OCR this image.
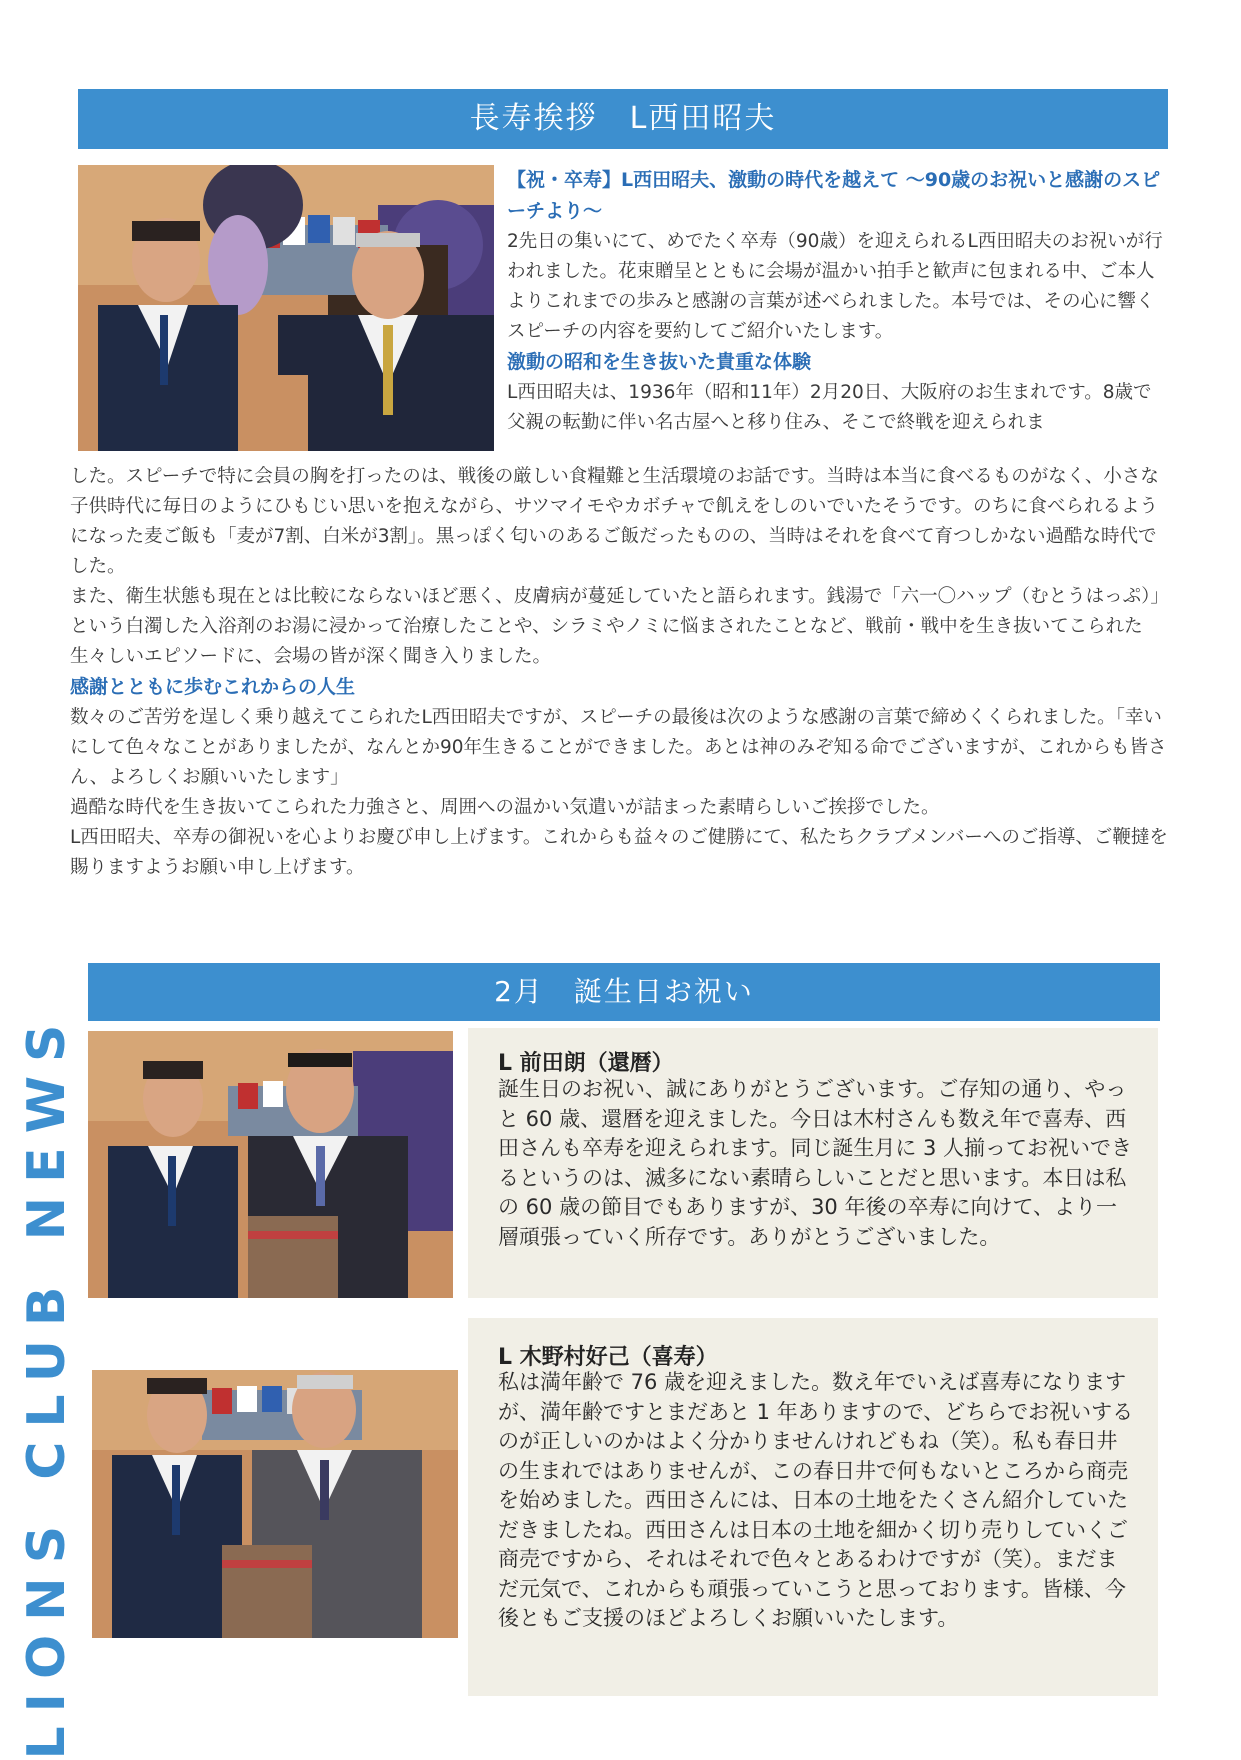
長寿挨拶　L西田昭夫

【祝・卒寿】L西田昭夫、激動の時代を越えて ～90歳のお祝いと感謝のスピーチより～

2先日の集いにて、めでたく卒寿（90歳）を迎えられるL西田昭夫のお祝いが行われました。花束贈呈とともに会場が温かい拍手と歓声に包まれる中、ご本人よりこれまでの歩みと感謝の言葉が述べられました。本号では、その心に響くスピーチの内容を要約してご紹介いたします。

激動の昭和を生き抜いた貴重な体験

L西田昭夫は、1936年（昭和11年）2月20日、大阪府のお生まれです。8歳で父親の転勤に伴い名古屋へと移り住み、そこで終戦を迎えられま

した。スピーチで特に会員の胸を打ったのは、戦後の厳しい食糧難と生活環境のお話です。当時は本当に食べるものがなく、小さな子供時代に毎日のようにひもじい思いを抱えながら、サツマイモやカボチャで飢えをしのいでいたそうです。のちに食べられるようになった麦ご飯も「麦が7割、白米が3割」。黒っぽく匂いのあるご飯だったものの、当時はそれを食べて育つしかない過酷な時代でした。

また、衛生状態も現在とは比較にならないほど悪く、皮膚病が蔓延していたと語られます。銭湯で「六一〇ハップ（むとうはっぷ）」という白濁した入浴剤のお湯に浸かって治療したことや、シラミやノミに悩まされたことなど、戦前・戦中を生き抜いてこられた生々しいエピソードに、会場の皆が深く聞き入りました。

感謝とともに歩むこれからの人生

数々のご苦労を逞しく乗り越えてこられたL西田昭夫ですが、スピーチの最後は次のような感謝の言葉で締めくくられました。「幸いにして色々なことがありましたが、なんとか90年生きることができました。あとは神のみぞ知る命でございますが、これからも皆さん、よろしくお願いいたします」

過酷な時代を生き抜いてこられた力強さと、周囲への温かい気遣いが詰まった素晴らしいご挨拶でした。

L西田昭夫、卒寿の御祝いを心よりお慶び申し上げます。これからも益々のご健勝にて、私たちクラブメンバーへのご指導、ご鞭撻を賜りますようお願い申し上げます。

2月　誕生日お祝い
L 前田朗（還暦）
誕生日のお祝い、誠にありがとうございます。ご存知の通り、やっと 60 歳、還暦を迎えました。今日は木村さんも数え年で喜寿、西田さんも卒寿を迎えられます。同じ誕生月に 3 人揃ってお祝いできるというのは、滅多にない素晴らしいことだと思います。本日は私の 60 歳の節目でもありますが、30 年後の卒寿に向けて、より一層頑張っていく所存です。ありがとうございました。
L 木野村好己（喜寿）
私は満年齢で 76 歳を迎えました。数え年でいえば喜寿になりますが、満年齢ですとまだあと 1 年ありますので、どちらでお祝いするのが正しいのかはよく分かりませんけれどもね（笑）。私も春日井の生まれではありませんが、この春日井で何もないところから商売を始めました。西田さんには、日本の土地をたくさん紹介していただきましたね。西田さんは日本の土地を細かく切り売りしていくご商売ですから、それはそれで色々とあるわけですが（笑）。まだまだ元気で、これからも頑張っていこうと思っております。皆様、今後ともご支援のほどよろしくお願いいたします。
LIONS CLUB NEWS
